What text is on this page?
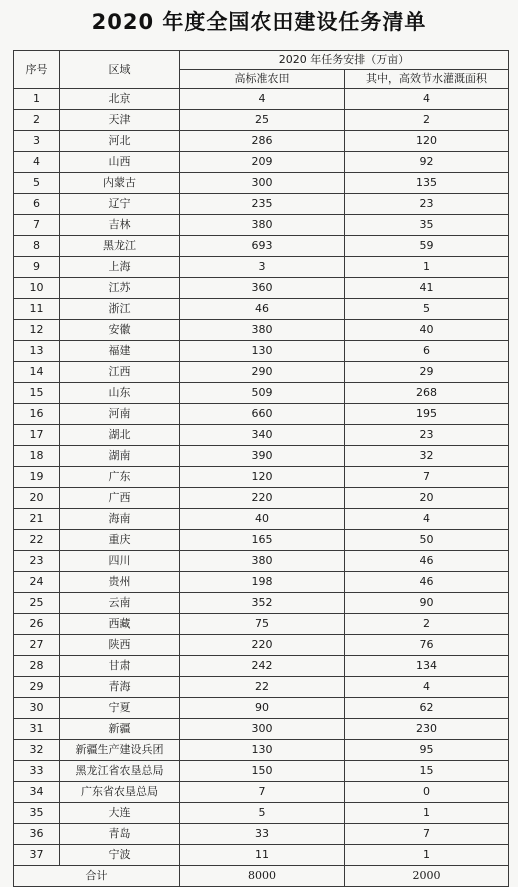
2020 年度全国农田建设任务清单
序号	区域	2020 年任务安排（万亩）	
		高标准农田	其中，高效节水灌溉面积
1	北京	4	4
2	天津	25	2
3	河北	286	120
4	山西	209	92
5	内蒙古	300	135
6	辽宁	235	23
7	吉林	380	35
8	黑龙江	693	59
9	上海	3	1
10	江苏	360	41
11	浙江	46	5
12	安徽	380	40
13	福建	130	6
14	江西	290	29
15	山东	509	268
16	河南	660	195
17	湖北	340	23
18	湖南	390	32
19	广东	120	7
20	广西	220	20
21	海南	40	4
22	重庆	165	50
23	四川	380	46
24	贵州	198	46
25	云南	352	90
26	西藏	75	2
27	陕西	220	76
28	甘肃	242	134
29	青海	22	4
30	宁夏	90	62
31	新疆	300	230
32	新疆生产建设兵团	130	95
33	黑龙江省农垦总局	150	15
34	广东省农垦总局	7	0
35	大连	5	1
36	青岛	33	7
37	宁波	11	1
合计		8000	2000
